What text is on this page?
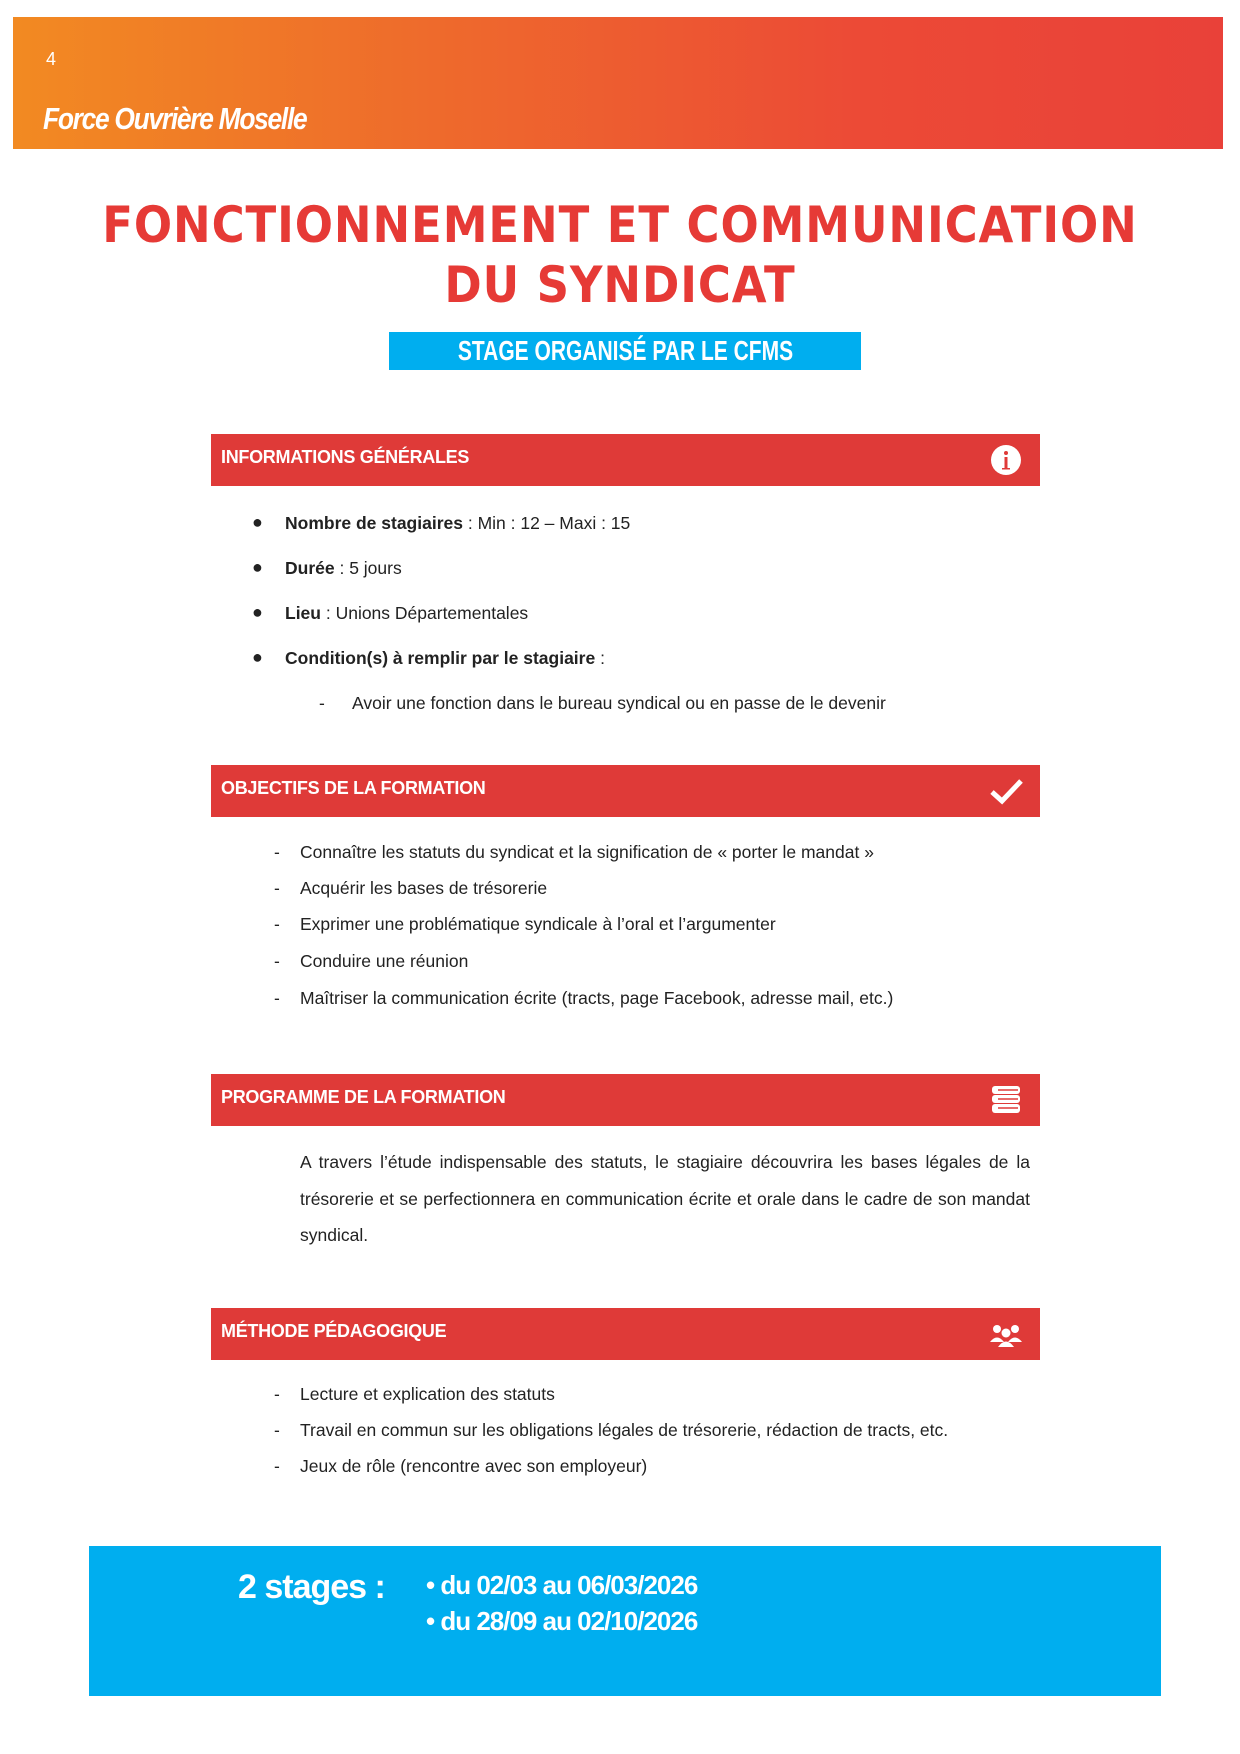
4
Force Ouvrière Moselle
FONCTIONNEMENT ET COMMUNICATION
DU SYNDICAT
STAGE ORGANISÉ PAR LE CFMS
INFORMATIONS GÉNÉRALES
● Nombre de stagiaires : Min : 12 – Maxi : 15
● Durée : 5 jours
● Lieu : Unions Départementales
● Condition(s) à remplir par le stagiaire :
- Avoir une fonction dans le bureau syndical ou en passe de le devenir
OBJECTIFS DE LA FORMATION
- Connaître les statuts du syndicat et la signification de « porter le mandat »
- Acquérir les bases de trésorerie
- Exprimer une problématique syndicale à l’oral et l’argumenter
- Conduire une réunion
- Maîtriser la communication écrite (tracts, page Facebook, adresse mail, etc.)
PROGRAMME DE LA FORMATION
A travers l’étude indispensable des statuts, le stagiaire découvrira les bases légales de la trésorerie et se perfectionnera en communication écrite et orale dans le cadre de son mandat syndical.
MÉTHODE PÉDAGOGIQUE
- Lecture et explication des statuts
- Travail en commun sur les obligations légales de trésorerie, rédaction de tracts, etc.
- Jeux de rôle (rencontre avec son employeur)
2 stages : • du 02/03 au 06/03/2026
• du 28/09 au 02/10/2026
